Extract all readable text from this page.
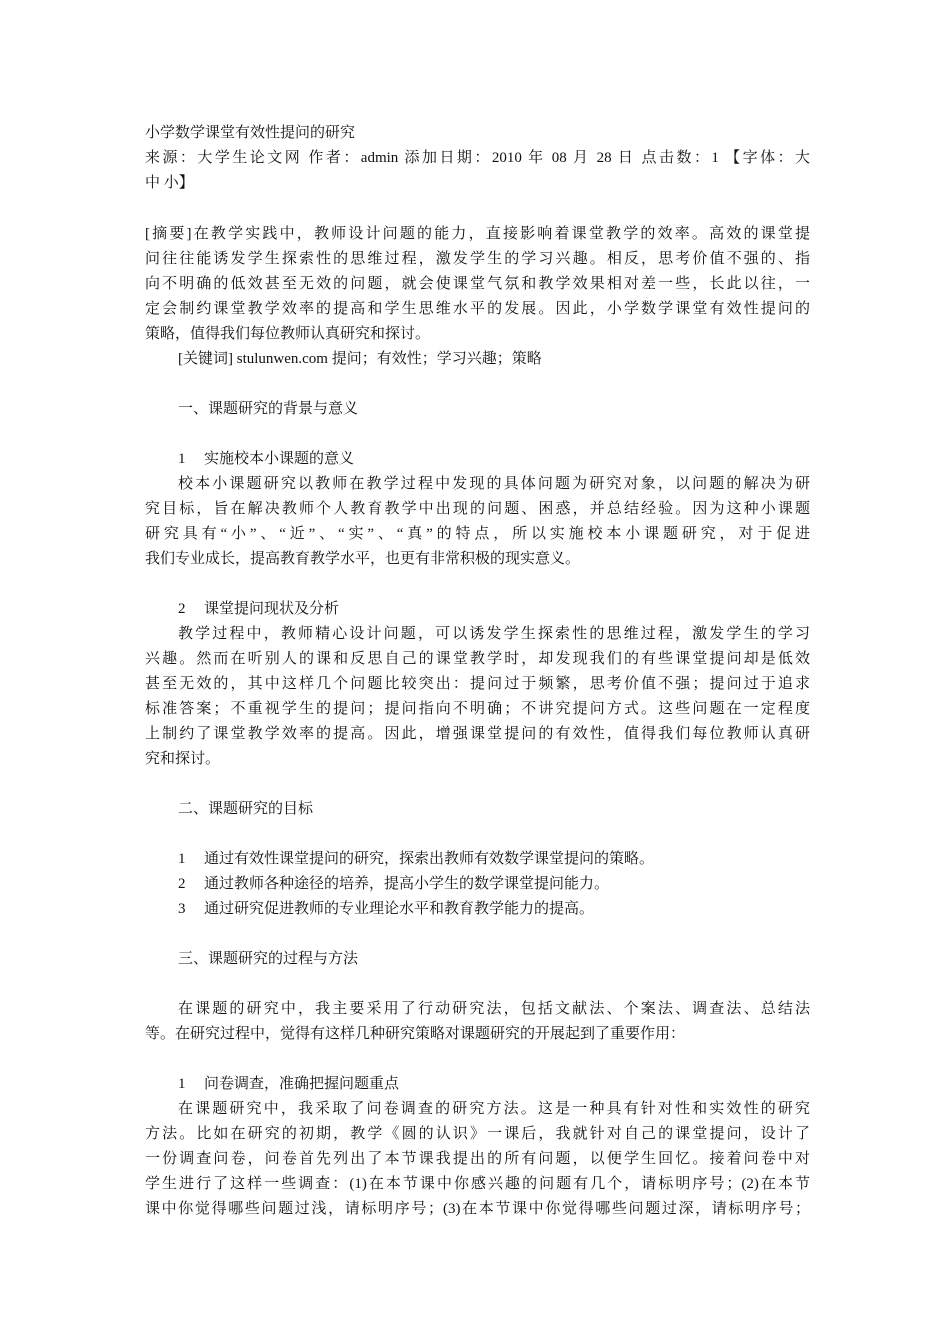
小学数学课堂有效性提问的研究
来源：大学生论文网 作者：admin 添加日期：2010 年 08 月 28 日 点击数：1 【字体：大
中 小】
[摘要]在教学实践中，教师设计问题的能力，直接影响着课堂教学的效率。高效的课堂提
问往往能诱发学生探索性的思维过程，激发学生的学习兴趣。相反，思考价值不强的、指
向不明确的低效甚至无效的问题，就会使课堂气氛和教学效果相对差一些，长此以往，一
定会制约课堂教学效率的提高和学生思维水平的发展。因此，小学数学课堂有效性提问的
策略，值得我们每位教师认真研究和探讨。
[关键词] stulunwen.com 提问；有效性；学习兴趣；策略
一、课题研究的背景与意义
1 实施校本小课题的意义
校本小课题研究以教师在教学过程中发现的具体问题为研究对象，以问题的解决为研
究目标，旨在解决教师个人教育教学中出现的问题、困惑，并总结经验。因为这种小课题
研究具有“小”、“近”、“实”、“真”的特点，所以实施校本小课题研究，对于促进
我们专业成长，提高教育教学水平，也更有非常积极的现实意义。
2 课堂提问现状及分析
教学过程中，教师精心设计问题，可以诱发学生探索性的思维过程，激发学生的学习
兴趣。然而在听别人的课和反思自己的课堂教学时，却发现我们的有些课堂提问却是低效
甚至无效的，其中这样几个问题比较突出：提问过于频繁，思考价值不强；提问过于追求
标准答案；不重视学生的提问；提问指向不明确；不讲究提问方式。这些问题在一定程度
上制约了课堂教学效率的提高。因此，增强课堂提问的有效性，值得我们每位教师认真研
究和探讨。
二、课题研究的目标
1 通过有效性课堂提问的研究，探索出教师有效数学课堂提问的策略。
2 通过教师各种途径的培养，提高小学生的数学课堂提问能力。
3 通过研究促进教师的专业理论水平和教育教学能力的提高。
三、课题研究的过程与方法
在课题的研究中，我主要采用了行动研究法，包括文献法、个案法、调查法、总结法
等。在研究过程中，觉得有这样几种研究策略对课题研究的开展起到了重要作用：
1 问卷调查，准确把握问题重点
在课题研究中，我采取了问卷调查的研究方法。这是一种具有针对性和实效性的研究
方法。比如在研究的初期，教学《圆的认识》一课后，我就针对自己的课堂提问，设计了
一份调查问卷，问卷首先列出了本节课我提出的所有问题，以便学生回忆。接着问卷中对
学生进行了这样一些调查：(1)在本节课中你感兴趣的问题有几个，请标明序号；(2)在本节
课中你觉得哪些问题过浅，请标明序号；(3)在本节课中你觉得哪些问题过深，请标明序号；
